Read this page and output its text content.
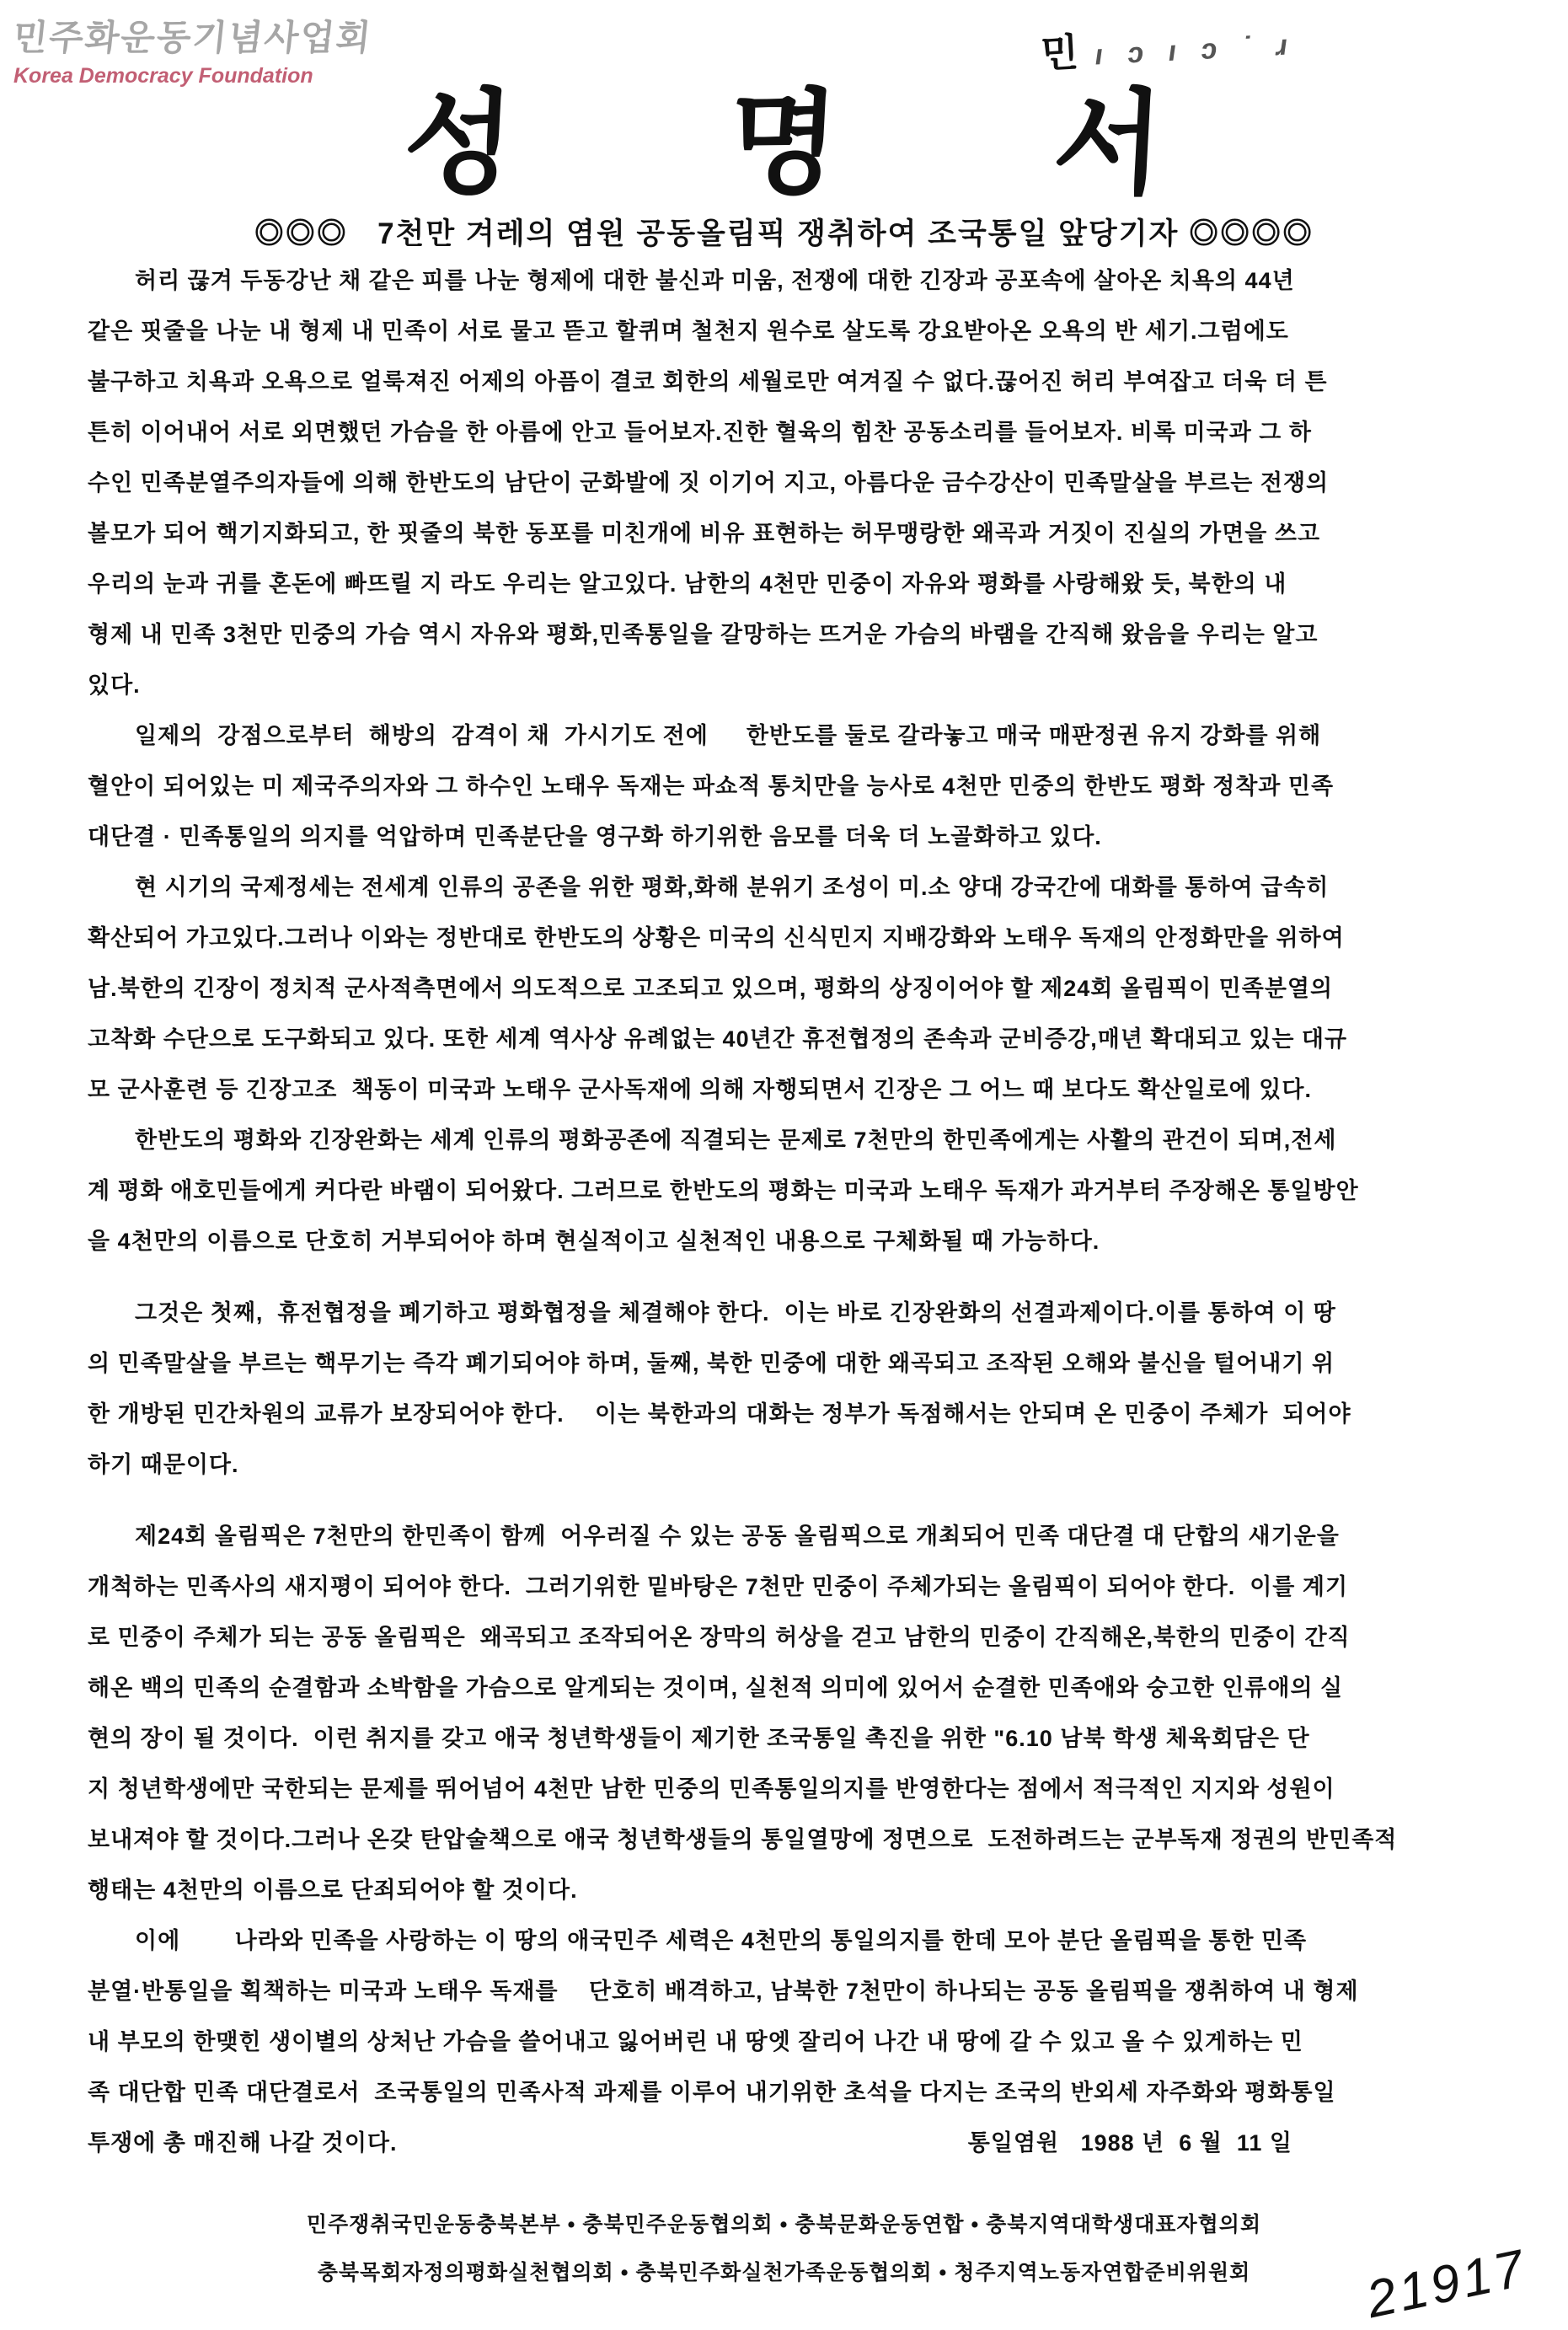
민주화운동기념사업회
Korea Democracy Foundation
민 ı ɔ ı ɔ ˙ ɹ
성명서
◎◎◎   7천만 겨레의 염원 공동올림픽 쟁취하여 조국통일 앞당기자 ◎◎◎◎
　　허리 끊겨 두동강난 채 같은 피를 나눈 형제에 대한 불신과 미움, 전쟁에 대한 긴장과 공포속에 살아온 치욕의 44년
같은 핏줄을 나눈 내 형제 내 민족이 서로 물고 뜯고 할퀴며 철천지 원수로 살도록 강요받아온 오욕의 반 세기.그럼에도
불구하고 치욕과 오욕으로 얼룩져진 어제의 아픔이 결코 회한의 세월로만 여겨질 수 없다.끊어진 허리 부여잡고 더욱 더 튼
튼히 이어내어 서로 외면했던 가슴을 한 아름에 안고 들어보자.진한 혈육의 힘찬 공동소리를 들어보자. 비록 미국과 그 하
수인 민족분열주의자들에 의해 한반도의 남단이 군화발에 짓 이기어 지고, 아름다운 금수강산이 민족말살을 부르는 전쟁의
볼모가 되어 핵기지화되고, 한 핏줄의 북한 동포를 미친개에 비유 표현하는 허무맹랑한 왜곡과 거짓이 진실의 가면을 쓰고
우리의 눈과 귀를 혼돈에 빠뜨릴 지 라도 우리는 알고있다. 남한의 4천만 민중이 자유와 평화를 사랑해왔 듯, 북한의 내
형제 내 민족 3천만 민중의 가슴 역시 자유와 평화,민족통일을 갈망하는 뜨거운 가슴의 바램을 간직해 왔음을 우리는 알고
있다.
　　일제의  강점으로부터  해방의  감격이 채  가시기도 전에 　 한반도를 둘로 갈라놓고 매국 매판정권 유지 강화를 위해
혈안이 되어있는 미 제국주의자와 그 하수인 노태우 독재는 파쇼적 통치만을 능사로 4천만 민중의 한반도 평화 정착과 민족
대단결 · 민족통일의 의지를 억압하며 민족분단을 영구화 하기위한 음모를 더욱 더 노골화하고 있다.
　　현 시기의 국제정세는 전세계 인류의 공존을 위한 평화,화해 분위기 조성이 미.소 양대 강국간에 대화를 통하여 급속히
확산되어 가고있다.그러나 이와는 정반대로 한반도의 상황은 미국의 신식민지 지배강화와 노태우 독재의 안정화만을 위하여
남.북한의 긴장이 정치적 군사적측면에서 의도적으로 고조되고 있으며, 평화의 상징이어야 할 제24회 올림픽이 민족분열의
고착화 수단으로 도구화되고 있다. 또한 세계 역사상 유례없는 40년간 휴전협정의 존속과 군비증강,매년 확대되고 있는 대규
모 군사훈련 등 긴장고조  책동이 미국과 노태우 군사독재에 의해 자행되면서 긴장은 그 어느 때 보다도 확산일로에 있다.
　　한반도의 평화와 긴장완화는 세계 인류의 평화공존에 직결되는 문제로 7천만의 한민족에게는 사활의 관건이 되며,전세
계 평화 애호민들에게 커다란 바램이 되어왔다. 그러므로 한반도의 평화는 미국과 노태우 독재가 과거부터 주장해온 통일방안
을 4천만의 이름으로 단호히 거부되어야 하며 현실적이고 실천적인 내용으로 구체화될 때 가능하다.
　　그것은 첫째,  휴전협정을 폐기하고 평화협정을 체결해야 한다.  이는 바로 긴장완화의 선결과제이다.이를 통하여 이 땅
의 민족말살을 부르는 핵무기는 즉각 폐기되어야 하며, 둘째, 북한 민중에 대한 왜곡되고 조작된 오해와 불신을 털어내기 위
한 개방된 민간차원의 교류가 보장되어야 한다. 　이는 북한과의 대화는 정부가 독점해서는 안되며 온 민중이 주체가  되어야
하기 때문이다.
　　제24회 올림픽은 7천만의 한민족이 함께  어우러질 수 있는 공동 올림픽으로 개최되어 민족 대단결 대 단합의 새기운을
개척하는 민족사의 새지평이 되어야 한다.  그러기위한 밑바탕은 7천만 민중이 주체가되는 올림픽이 되어야 한다.  이를 계기
로 민중이 주체가 되는 공동 올림픽은  왜곡되고 조작되어온 장막의 허상을 걷고 남한의 민중이 간직해온,북한의 민중이 간직
해온 백의 민족의 순결함과 소박함을 가슴으로 알게되는 것이며, 실천적 의미에 있어서 순결한 민족애와 숭고한 인류애의 실
현의 장이 될 것이다.  이런 취지를 갖고 애국 청년학생들이 제기한 조국통일 촉진을 위한 "6.10 남북 학생 체육회담은 단
지 청년학생에만 국한되는 문제를 뛰어넘어 4천만 남한 민중의 민족통일의지를 반영한다는 점에서 적극적인 지지와 성원이
보내져야 할 것이다.그러나 온갖 탄압술책으로 애국 청년학생들의 통일열망에 정면으로  도전하려드는 군부독재 정권의 반민족적
행태는 4천만의 이름으로 단죄되어야 할 것이다.
　　이에 　　나라와 민족을 사랑하는 이 땅의 애국민주 세력은 4천만의 통일의지를 한데 모아 분단 올림픽을 통한 민족
분열·반통일을 획책하는 미국과 노태우 독재를 　단호히 배격하고, 남북한 7천만이 하나되는 공동 올림픽을 쟁취하여 내 형제
내 부모의 한맺힌 생이별의 상처난 가슴을 쓸어내고 잃어버린 내 땅엣 잘리어 나간 내 땅에 갈 수 있고 올 수 있게하는 민
족 대단합 민족 대단결로서  조국통일의 민족사적 과제를 이루어 내기위한 초석을 다지는 조국의 반외세 자주화와 평화통일
투쟁에 총 매진해 나갈 것이다.	통일염원   1988 년  6 월  11 일
민주쟁취국민운동충북본부 • 충북민주운동협의회 • 충북문화운동연합 • 충북지역대학생대표자협의회
충북목회자정의평화실천협의회 • 충북민주화실천가족운동협의회 • 청주지역노동자연합준비위원회	21917
